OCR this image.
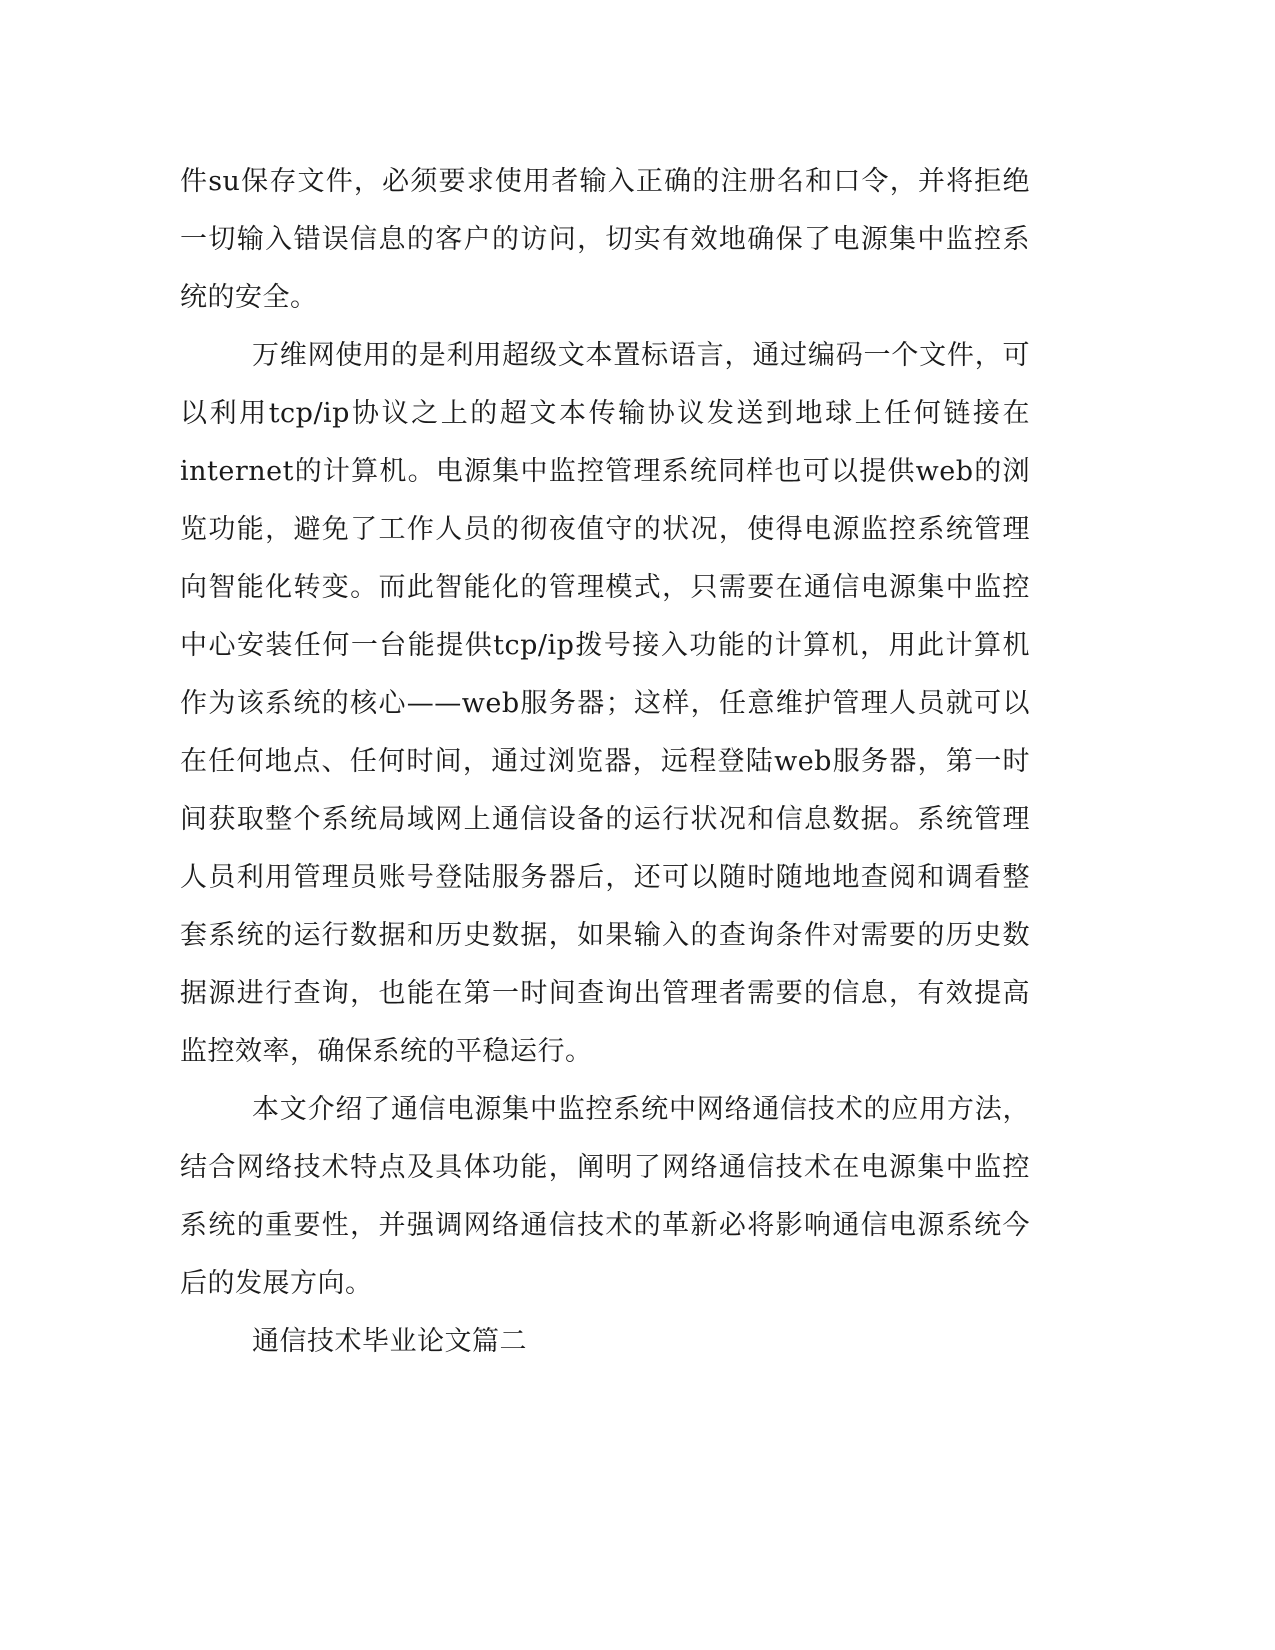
件su保存文件，必须要求使用者输入正确的注册名和口令，并将拒绝一切输入错误信息的客户的访问，切实有效地确保了电源集中监控系统的安全。

万维网使用的是利用超级文本置标语言，通过编码一个文件，可以利用tcp/ip协议之上的超文本传输协议发送到地球上任何链接在internet的计算机。电源集中监控管理系统同样也可以提供web的浏览功能，避免了工作人员的彻夜值守的状况，使得电源监控系统管理向智能化转变。而此智能化的管理模式，只需要在通信电源集中监控中心安装任何一台能提供tcp/ip拨号接入功能的计算机，用此计算机作为该系统的核心——web服务器；这样，任意维护管理人员就可以在任何地点、任何时间，通过浏览器，远程登陆web服务器，第一时间获取整个系统局域网上通信设备的运行状况和信息数据。系统管理人员利用管理员账号登陆服务器后，还可以随时随地地查阅和调看整套系统的运行数据和历史数据，如果输入的查询条件对需要的历史数据源进行查询，也能在第一时间查询出管理者需要的信息，有效提高监控效率，确保系统的平稳运行。

本文介绍了通信电源集中监控系统中网络通信技术的应用方法，结合网络技术特点及具体功能，阐明了网络通信技术在电源集中监控系统的重要性，并强调网络通信技术的革新必将影响通信电源系统今后的发展方向。

通信技术毕业论文篇二
